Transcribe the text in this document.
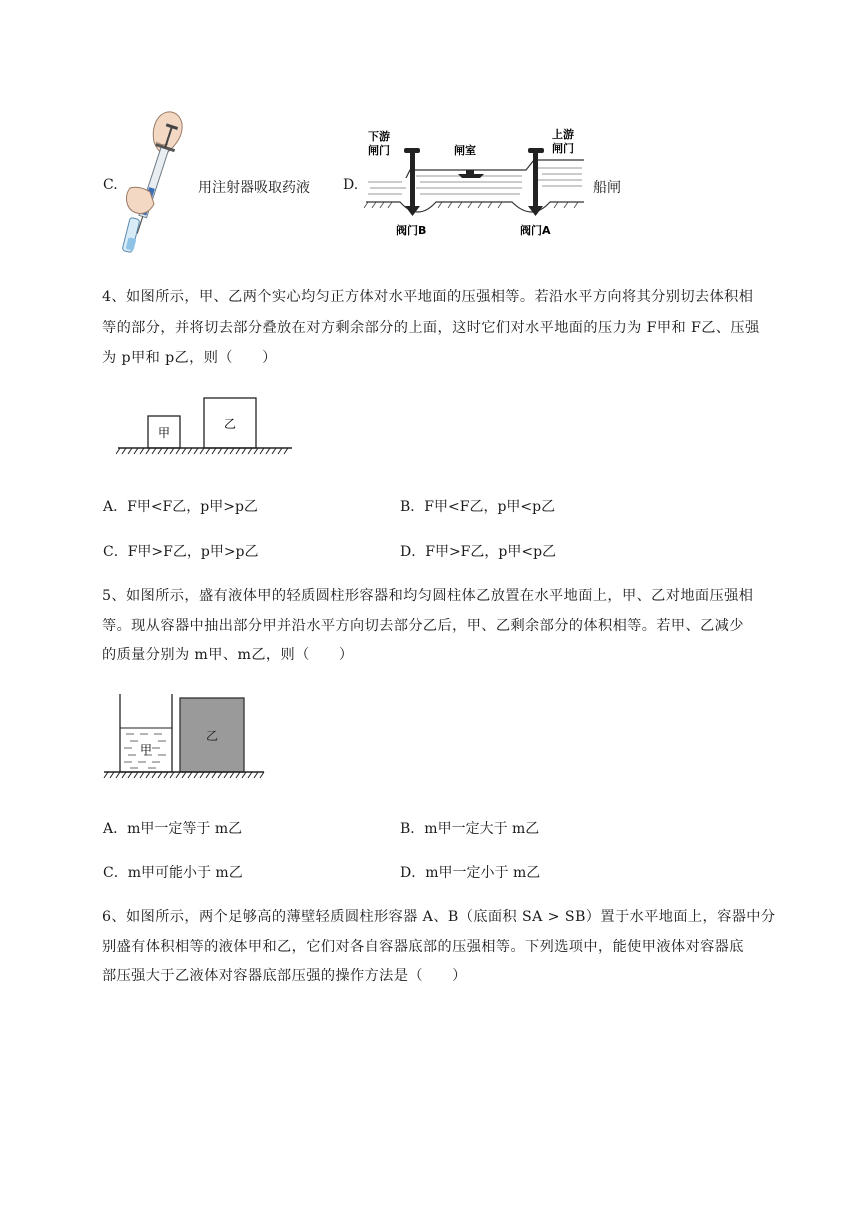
C.	用注射器吸取药液 D.
下游
闸门	闸室
上游
闸门
阀门B	阀门A
船闸
4、如图所示，甲、乙两个实心均匀正方体对水平地面的压强相等。若沿水平方向将其分别切去体积相
等的部分，并将切去部分叠放在对方剩余部分的上面，这时它们对水平地面的压力为 F甲和 F乙、压强
为 p甲和 p乙，则（　　）
甲
乙
A．F甲<F乙，p甲>p乙	B．F甲<F乙，p甲<p乙
C．F甲>F乙，p甲>p乙	D．F甲>F乙，p甲<p乙
5、如图所示，盛有液体甲的轻质圆柱形容器和均匀圆柱体乙放置在水平地面上，甲、乙对地面压强相
等。现从容器中抽出部分甲并沿水平方向切去部分乙后，甲、乙剩余部分的体积相等。若甲、乙减少
的质量分别为 m甲、m乙，则（　　）
甲
乙
A．m甲一定等于 m乙	B．m甲一定大于 m乙
C．m甲可能小于 m乙	D．m甲一定小于 m乙
6、如图所示，两个足够高的薄壁轻质圆柱形容器 A、B（底面积 SA > SB）置于水平地面上，容器中分
别盛有体积相等的液体甲和乙，它们对各自容器底部的压强相等。下列选项中，能使甲液体对容器底
部压强大于乙液体对容器底部压强的操作方法是（　　）
